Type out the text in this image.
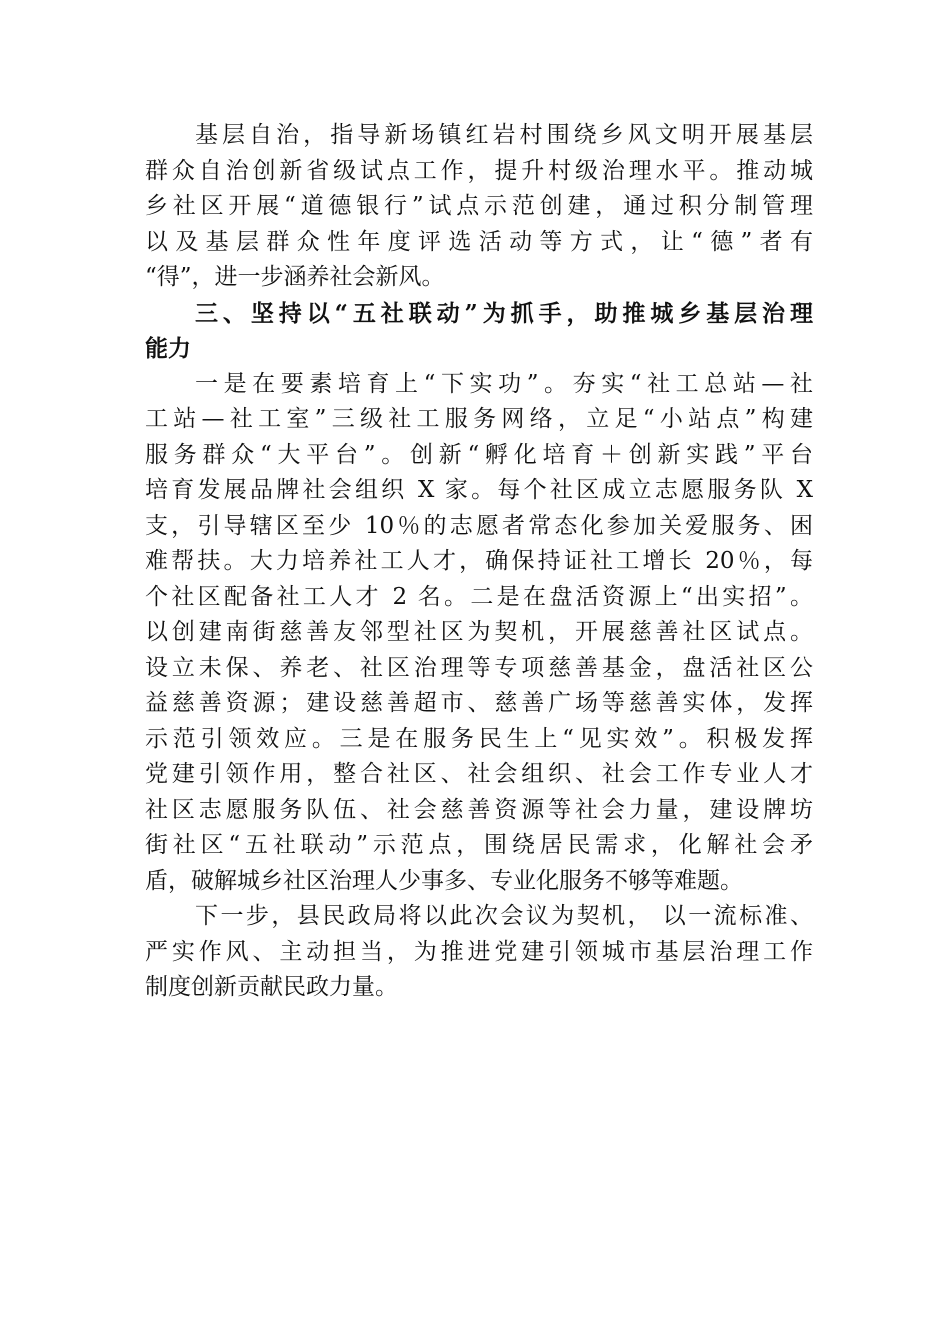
基层自治，指导新场镇红岩村围绕乡风文明开展基层
群众自治创新省级试点工作，提升村级治理水平。推动城
乡社区开展“道德银行”试点示范创建，通过积分制管理
以及基层群众性年度评选活动等方式，让“德”者有
“得”，进一步涵养社会新风。
三、坚持以“五社联动”为抓手，助推城乡基层治理
能力
一是在要素培育上“下实功”。夯实“社工总站—社
工站—社工室”三级社工服务网络，立足“小站点”构建
服务群众“大平台”。创新“孵化培育＋创新实践”平台
培育发展品牌社会组织 X 家。每个社区成立志愿服务队 X
支，引导辖区至少 10％的志愿者常态化参加关爱服务、困
难帮扶。大力培养社工人才，确保持证社工增长 20％，每
个社区配备社工人才 2 名。二是在盘活资源上“出实招”。
以创建南街慈善友邻型社区为契机，开展慈善社区试点。
设立未保、养老、社区治理等专项慈善基金，盘活社区公
益慈善资源；建设慈善超市、慈善广场等慈善实体，发挥
示范引领效应。三是在服务民生上“见实效”。积极发挥
党建引领作用，整合社区、社会组织、社会工作专业人才
社区志愿服务队伍、社会慈善资源等社会力量，建设牌坊
街社区“五社联动”示范点，围绕居民需求，化解社会矛
盾，破解城乡社区治理人少事多、专业化服务不够等难题。
下一步，县民政局将以此次会议为契机， 以一流标准、
严实作风、主动担当，为推进党建引领城市基层治理工作
制度创新贡献民政力量。
